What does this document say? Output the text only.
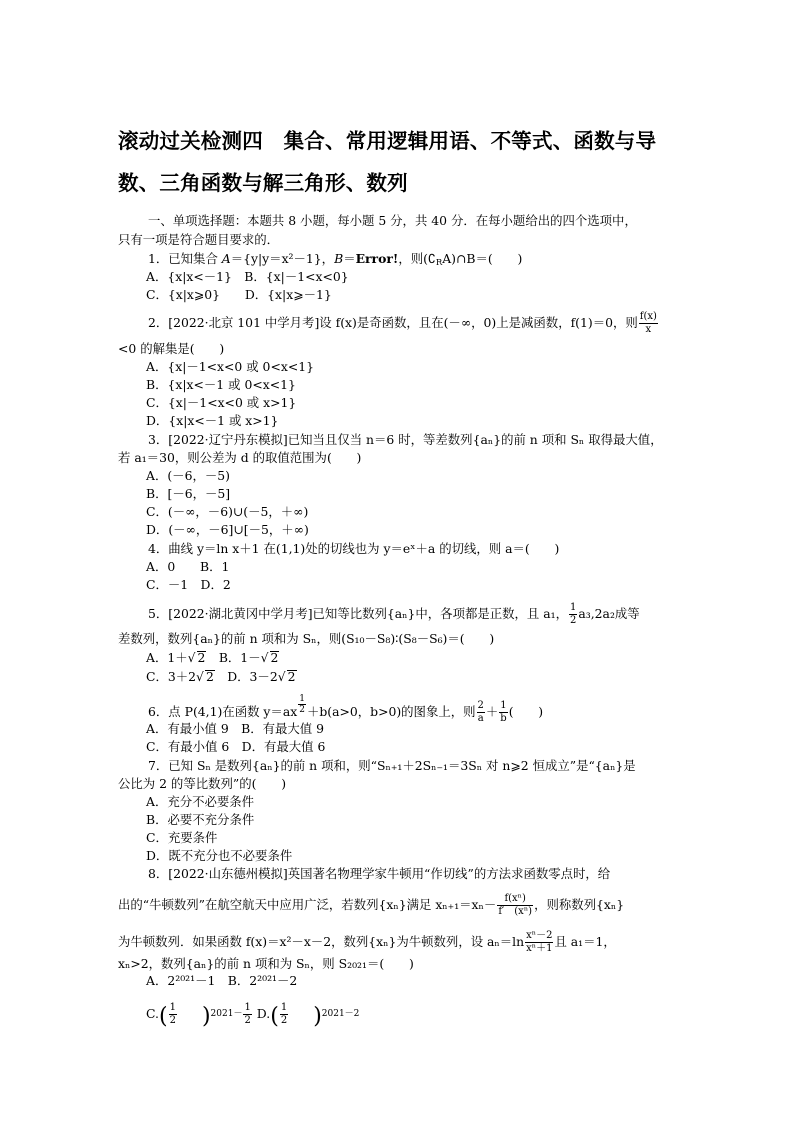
滚动过关检测四　集合、常用逻辑用语、不等式、函数与导数、三角函数与解三角形、数列
一、单项选择题：本题共 8 小题，每小题 5 分，共 40 分．在每小题给出的四个选项中，
只有一项是符合题目要求的．
1．已知集合 A＝{y|y＝x²－1}，B＝Error!，则$(∁_RA)\cap B=$(　　)
A．{x|x<－1}　B．{x|－1<x<0}
C．{x|x⩾0}　　D．{x|x⩾－1}
2．[2022·北京 101 中学月考]设 f(x)是奇函数，且在(－∞，0)上是减函数，f(1)＝0，则 $\frac{f(x)}{x}$
<0 的解集是(　　)
A．{x|－1<x<0 或 0<x<1}
B．{x|x<－1 或 0<x<1}
C．{x|－1<x<0 或 x>1}
D．{x|x<－1 或 x>1}
3．[2022·辽宁丹东模拟]已知当且仅当 n＝6 时，等差数列{aₙ}的前 n 项和 Sₙ 取得最大值，
若 a₁＝30，则公差为 d 的取值范围为(　　)
A．(－6，－5)
B．[－6，－5]
C．(－∞，－6)∪(－5，＋∞)
D．(－∞，－6]∪[－5，＋∞)
4．曲线 y＝ln x＋1 在(1,1)处的切线也为 y＝eˣ＋a 的切线，则 a＝(　　)
A．0　　B．1
C．－1　D．2
5．[2022·湖北黄冈中学月考]已知等比数列{aₙ}中，各项都是正数，且 a₁， $\frac{1}{2} a_3,2a_2$成等
差数列，数列{aₙ}的前 n 项和为 Sₙ，则(S₁₀－S₈)∶(S₈－S₆)＝(　　)
A．1＋√ 2　 B．1－√ 2
C．3＋2√ 2　 D．3－2√ 2
6．点 P(4,1)在函数 $y=ax \frac{1}{2} +b(a>0$，b>0)的图象上，则 $\frac{2}{a} + \frac{1}{b}$ (　　)
A．有最小值 9　B．有最大值 9
C．有最小值 6　D．有最大值 6
7．已知 Sₙ 是数列{aₙ}的前 n 项和，则“Sₙ₊₁＋2Sₙ₋₁＝3Sₙ 对 n⩾2 恒成立”是“{aₙ}是
公比为 2 的等比数列”的(　　)
A．充分不必要条件
B．必要不充分条件
C．充要条件
D．既不充分也不必要条件
8．[2022·山东德州模拟]英国著名物理学家牛顿用“作切线”的方法求函数零点时，给
出的“牛顿数列”在航空航天中应用广泛，若数列{xₙ}满足 $x_{n+1}=x_n- \frac{\text{f(xⁿ)}}{\text{f′　(xⁿ)}}$ ，则称数列{xₙ}
为牛顿数列．如果函数 f(x)＝x²－x－2，数列{xₙ}为牛顿数列，设 $a_n=\ln \frac{\text{xⁿ－2}}{\text{xⁿ＋1}}$ 且 a₁＝1，
xₙ>2，数列{aₙ}的前 n 项和为 Sₙ，则 S₂₀₂₁＝(　　)
A．2²⁰²¹－1　B．2²⁰²¹－2
$C.( \frac{1}{2} )2021- \frac{1}{2} D.( \frac{1}{2} )2021-2$
